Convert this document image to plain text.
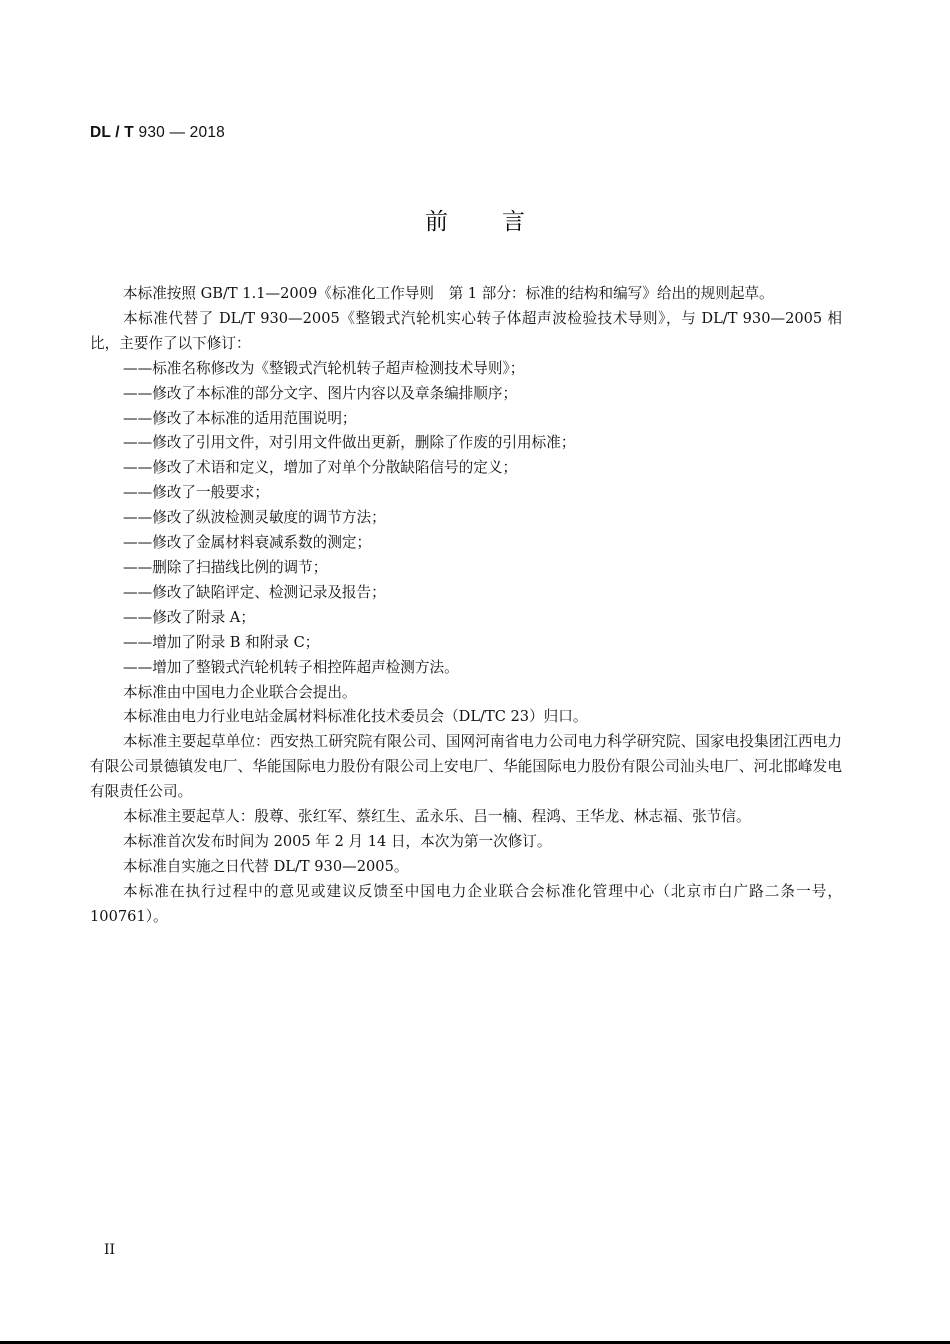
DL / T 930 — 2018
前言

本标准按照 GB/T 1.1—2009《标准化工作导则　第 1 部分：标准的结构和编写》给出的规则起草。

本标准代替了 DL/T 930—2005《整锻式汽轮机实心转子体超声波检验技术导则》，与 DL/T 930—2005 相比，主要作了以下修订：

——标准名称修改为《整锻式汽轮机转子超声检测技术导则》；
——修改了本标准的部分文字、图片内容以及章条编排顺序；
——修改了本标准的适用范围说明；
——修改了引用文件，对引用文件做出更新，删除了作废的引用标准；
——修改了术语和定义，增加了对单个分散缺陷信号的定义；
——修改了一般要求；
——修改了纵波检测灵敏度的调节方法；
——修改了金属材料衰减系数的测定；
——删除了扫描线比例的调节；
——修改了缺陷评定、检测记录及报告；
——修改了附录 A；
——增加了附录 B 和附录 C；
——增加了整锻式汽轮机转子相控阵超声检测方法。

本标准由中国电力企业联合会提出。

本标准由电力行业电站金属材料标准化技术委员会（DL/TC 23）归口。

本标准主要起草单位：西安热工研究院有限公司、国网河南省电力公司电力科学研究院、国家电投集团江西电力有限公司景德镇发电厂、华能国际电力股份有限公司上安电厂、华能国际电力股份有限公司汕头电厂、河北邯峰发电有限责任公司。

本标准主要起草人：殷尊、张红军、蔡红生、孟永乐、吕一楠、程鸿、王华龙、林志福、张节信。

本标准首次发布时间为 2005 年 2 月 14 日，本次为第一次修订。

本标准自实施之日代替 DL/T 930—2005。

本标准在执行过程中的意见或建议反馈至中国电力企业联合会标准化管理中心（北京市白广路二条一号，100761）。

II
